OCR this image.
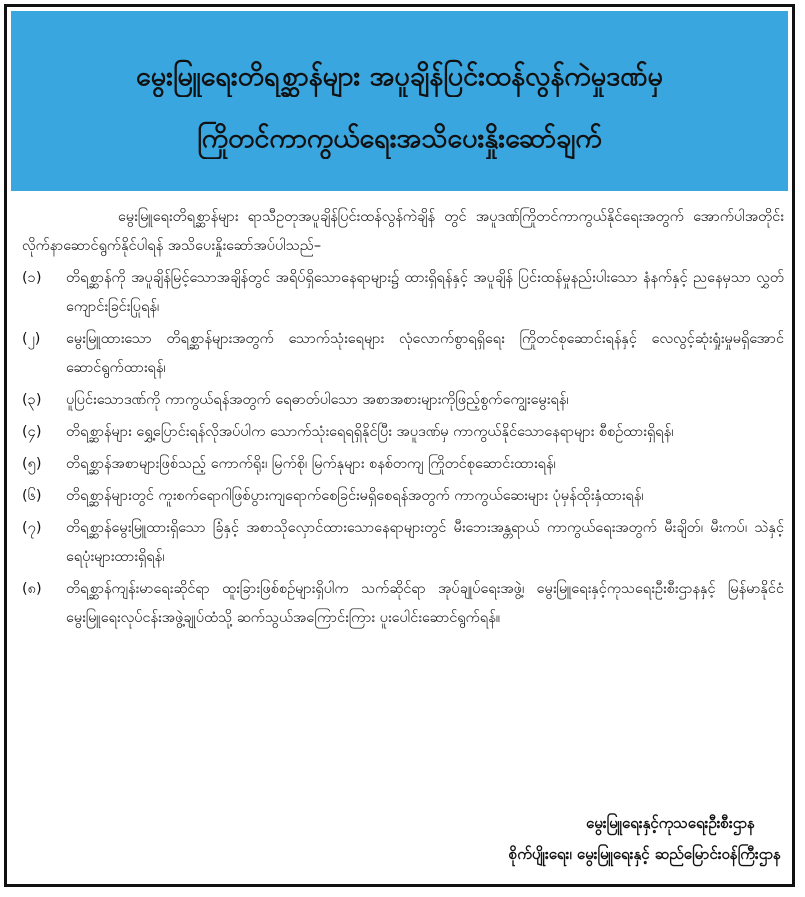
မွေးမြူရေးတိရစ္ဆာန်များ အပူချိန်ပြင်းထန်လွန်ကဲမှုဒဏ်မှ
ကြိုတင်ကာကွယ်ရေးအသိပေးနှိုးဆော်ချက်
မွေးမြူရေးတိရစ္ဆာန်များ ရာသီဥတုအပူချိန်ပြင်းထန်လွန်ကဲချိန် တွင် အပူဒဏ်ကြိုတင်ကာကွယ်နိုင်ရေးအတွက် အောက်ပါအတိုင်း လိုက်နာဆောင်ရွက်နိုင်ပါရန် အသိပေးနှိုးဆော်အပ်ပါသည်–
(၁)	တိရစ္ဆာန်ကို အပူချိန်မြင့်သောအချိန်တွင် အရိပ်ရှိသောနေရာများ၌ ထားရှိရန်နှင့် အပူချိန် ပြင်းထန်မှုနည်းပါးသော နံနက်နှင့် ညနေမှသာ လွှတ်ကျောင်းခြင်းပြုရန်၊
(၂)	မွေးမြူထားသော တိရစ္ဆာန်များအတွက် သောက်သုံးရေများ လုံလောက်စွာရရှိရေး ကြိုတင်စုဆောင်းရန်နှင့် လေလွင့်ဆုံးရှုံးမှုမရှိအောင် ဆောင်ရွက်ထားရန်၊
(၃)	ပူပြင်းသောဒဏ်ကို ကာကွယ်ရန်အတွက် ရေဓာတ်ပါသော အစာအစားများကိုဖြည့်စွက်ကျွေးမွေးရန်၊
(၄)	တိရစ္ဆာန်များ ရွှေ့ပြောင်းရန်လိုအပ်ပါက သောက်သုံးရေရရှိနိုင်ပြီး အပူဒဏ်မှ ကာကွယ်နိုင်သောနေရာများ စီစဉ်ထားရှိရန်၊
(၅)	တိရစ္ဆာန်အစာများဖြစ်သည့် ကောက်ရိုး၊ မြက်စို၊ မြက်နုများ စနစ်တကျ ကြိုတင်စုဆောင်းထားရန်၊
(၆)	တိရစ္ဆာန်များတွင် ကူးစက်ရောဂါဖြစ်ပွားကျရောက်စေခြင်းမရှိစေရန်အတွက် ကာကွယ်ဆေးများ ပုံမှန်ထိုးနှံထားရန်၊
(၇)	တိရစ္ဆာန်မွေးမြူထားရှိသော ခြံနှင့် အစာသိုလှောင်ထားသောနေရာများတွင် မီးဘေးအန္တရာယ် ကာကွယ်ရေးအတွက် မီးချိတ်၊ မီးကပ်၊ သဲနှင့် ရေပုံးများထားရှိရန်၊
(၈)	တိရစ္ဆာန်ကျန်းမာရေးဆိုင်ရာ ထူးခြားဖြစ်စဉ်များရှိပါက သက်ဆိုင်ရာ အုပ်ချုပ်ရေးအဖွဲ့၊ မွေးမြူရေးနှင့်ကုသရေးဦးစီးဌာနနှင့် မြန်မာနိုင်ငံ မွေးမြူရေးလုပ်ငန်းအဖွဲ့ချုပ်ထံသို့ ဆက်သွယ်အကြောင်းကြား ပူးပေါင်းဆောင်ရွက်ရန်။
မွေးမြူရေးနှင့်ကုသရေးဦးစီးဌာန
စိုက်ပျိုးရေး၊ မွေးမြူရေးနှင့် ဆည်မြောင်းဝန်ကြီးဌာန
